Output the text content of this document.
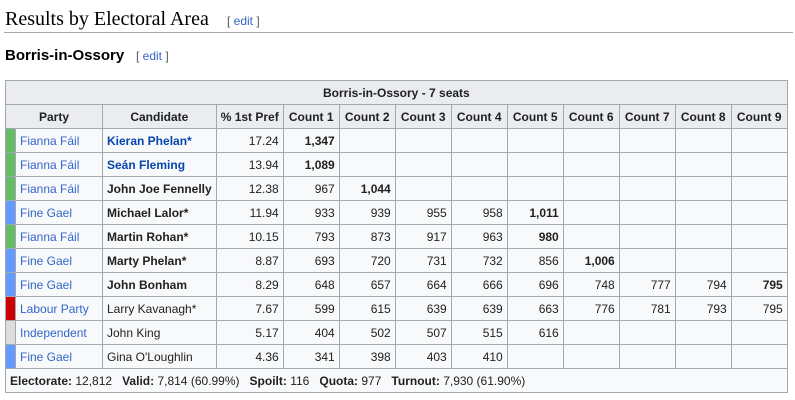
Results by Electoral Area [ edit ]
Borris-in-Ossory [ edit ]
Borris-in-Ossory - 7 seats												
Party		Candidate	% 1st Pref	Count 1	Count 2	Count 3	Count 4	Count 5	Count 6	Count 7	Count 8	Count 9
	Fianna Fáil	Kieran Phelan*	17.24	1,347								
	Fianna Fáil	Seán Fleming	13.94	1,089								
	Fianna Fáil	John Joe Fennelly	12.38	967	1,044							
	Fine Gael	Michael Lalor*	11.94	933	939	955	958	1,011				
	Fianna Fáil	Martin Rohan*	10.15	793	873	917	963	980				
	Fine Gael	Marty Phelan*	8.87	693	720	731	732	856	1,006			
	Fine Gael	John Bonham	8.29	648	657	664	666	696	748	777	794	795
	Labour Party	Larry Kavanagh*	7.67	599	615	639	639	663	776	781	793	795
	Independent	John King	5.17	404	502	507	515	616				
	Fine Gael	Gina O'Loughlin	4.36	341	398	403	410					
Electorate: 12,812 Valid: 7,814 (60.99%) Spoilt: 116 Quota: 977 Turnout: 7,930 (61.90%)												
